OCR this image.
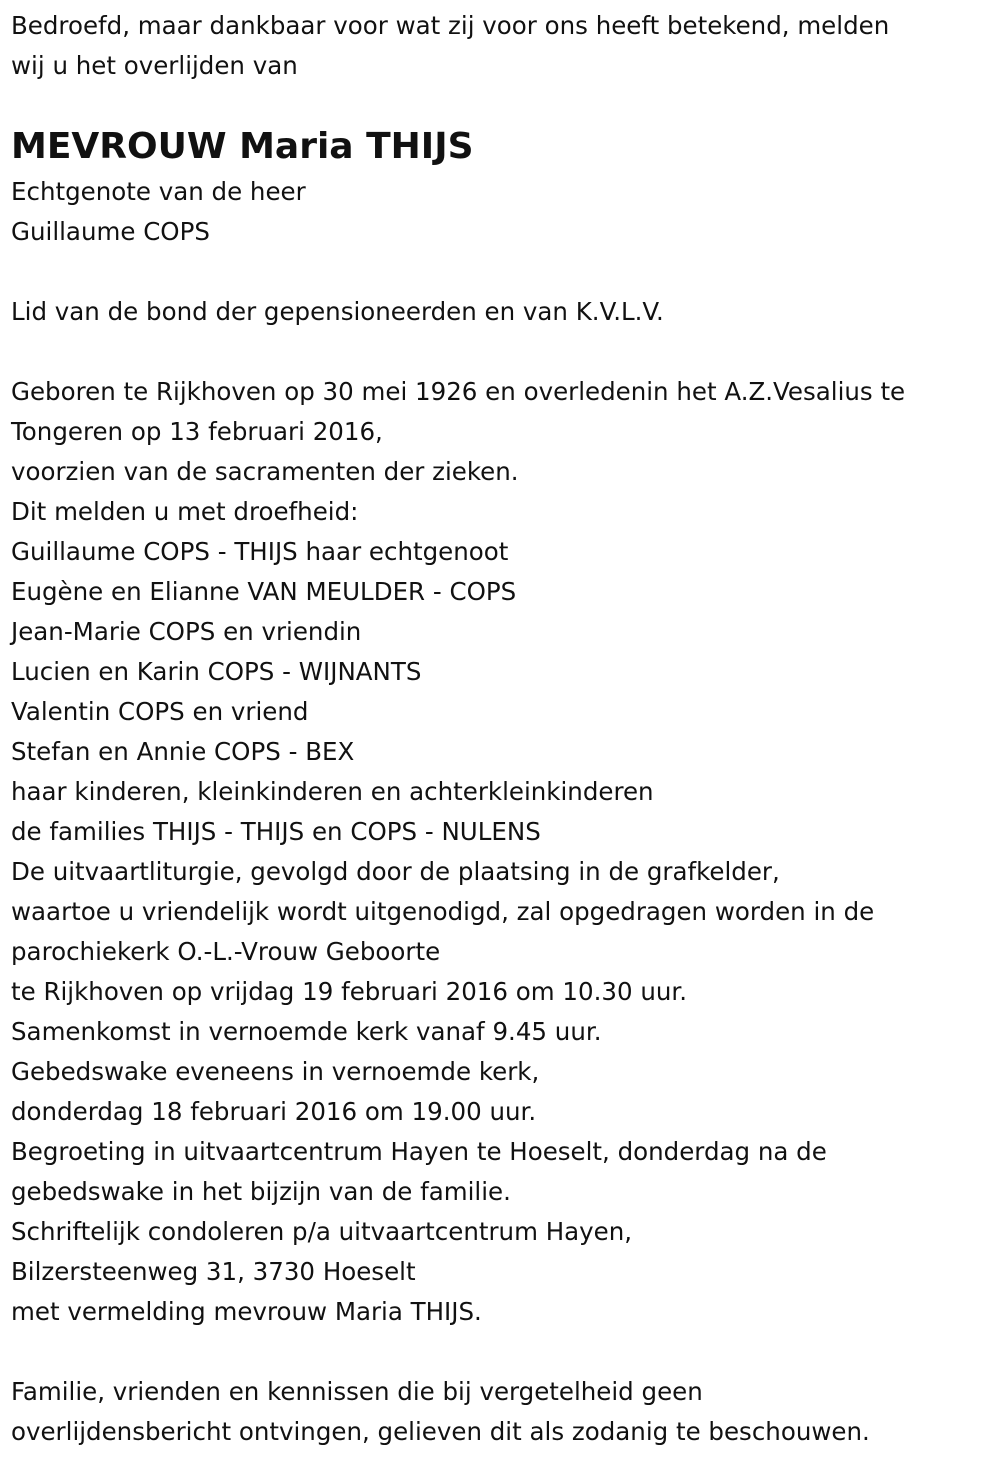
Bedroefd, maar dankbaar voor wat zij voor ons heeft betekend, melden
wij u het overlijden van
MEVROUW Maria THIJS
Echtgenote van de heer
Guillaume COPS
Lid van de bond der gepensioneerden en van K.V.L.V.
Geboren te Rijkhoven op 30 mei 1926 en overledenin het A.Z.Vesalius te
Tongeren op 13 februari 2016,
voorzien van de sacramenten der zieken.
Dit melden u met droefheid:
Guillaume COPS - THIJS haar echtgenoot
Eugène en Elianne VAN MEULDER - COPS
Jean-Marie COPS en vriendin
Lucien en Karin COPS - WIJNANTS
Valentin COPS en vriend
Stefan en Annie COPS - BEX
haar kinderen, kleinkinderen en achterkleinkinderen
de families THIJS - THIJS en COPS - NULENS
De uitvaartliturgie, gevolgd door de plaatsing in de grafkelder,
waartoe u vriendelijk wordt uitgenodigd, zal opgedragen worden in de
parochiekerk O.-L.-Vrouw Geboorte
te Rijkhoven op vrijdag 19 februari 2016 om 10.30 uur.
Samenkomst in vernoemde kerk vanaf 9.45 uur.
Gebedswake eveneens in vernoemde kerk,
donderdag 18 februari 2016 om 19.00 uur.
Begroeting in uitvaartcentrum Hayen te Hoeselt, donderdag na de
gebedswake in het bijzijn van de familie.
Schriftelijk condoleren p/a uitvaartcentrum Hayen,
Bilzersteenweg 31, 3730 Hoeselt
met vermelding mevrouw Maria THIJS.
Familie, vrienden en kennissen die bij vergetelheid geen
overlijdensbericht ontvingen, gelieven dit als zodanig te beschouwen.
